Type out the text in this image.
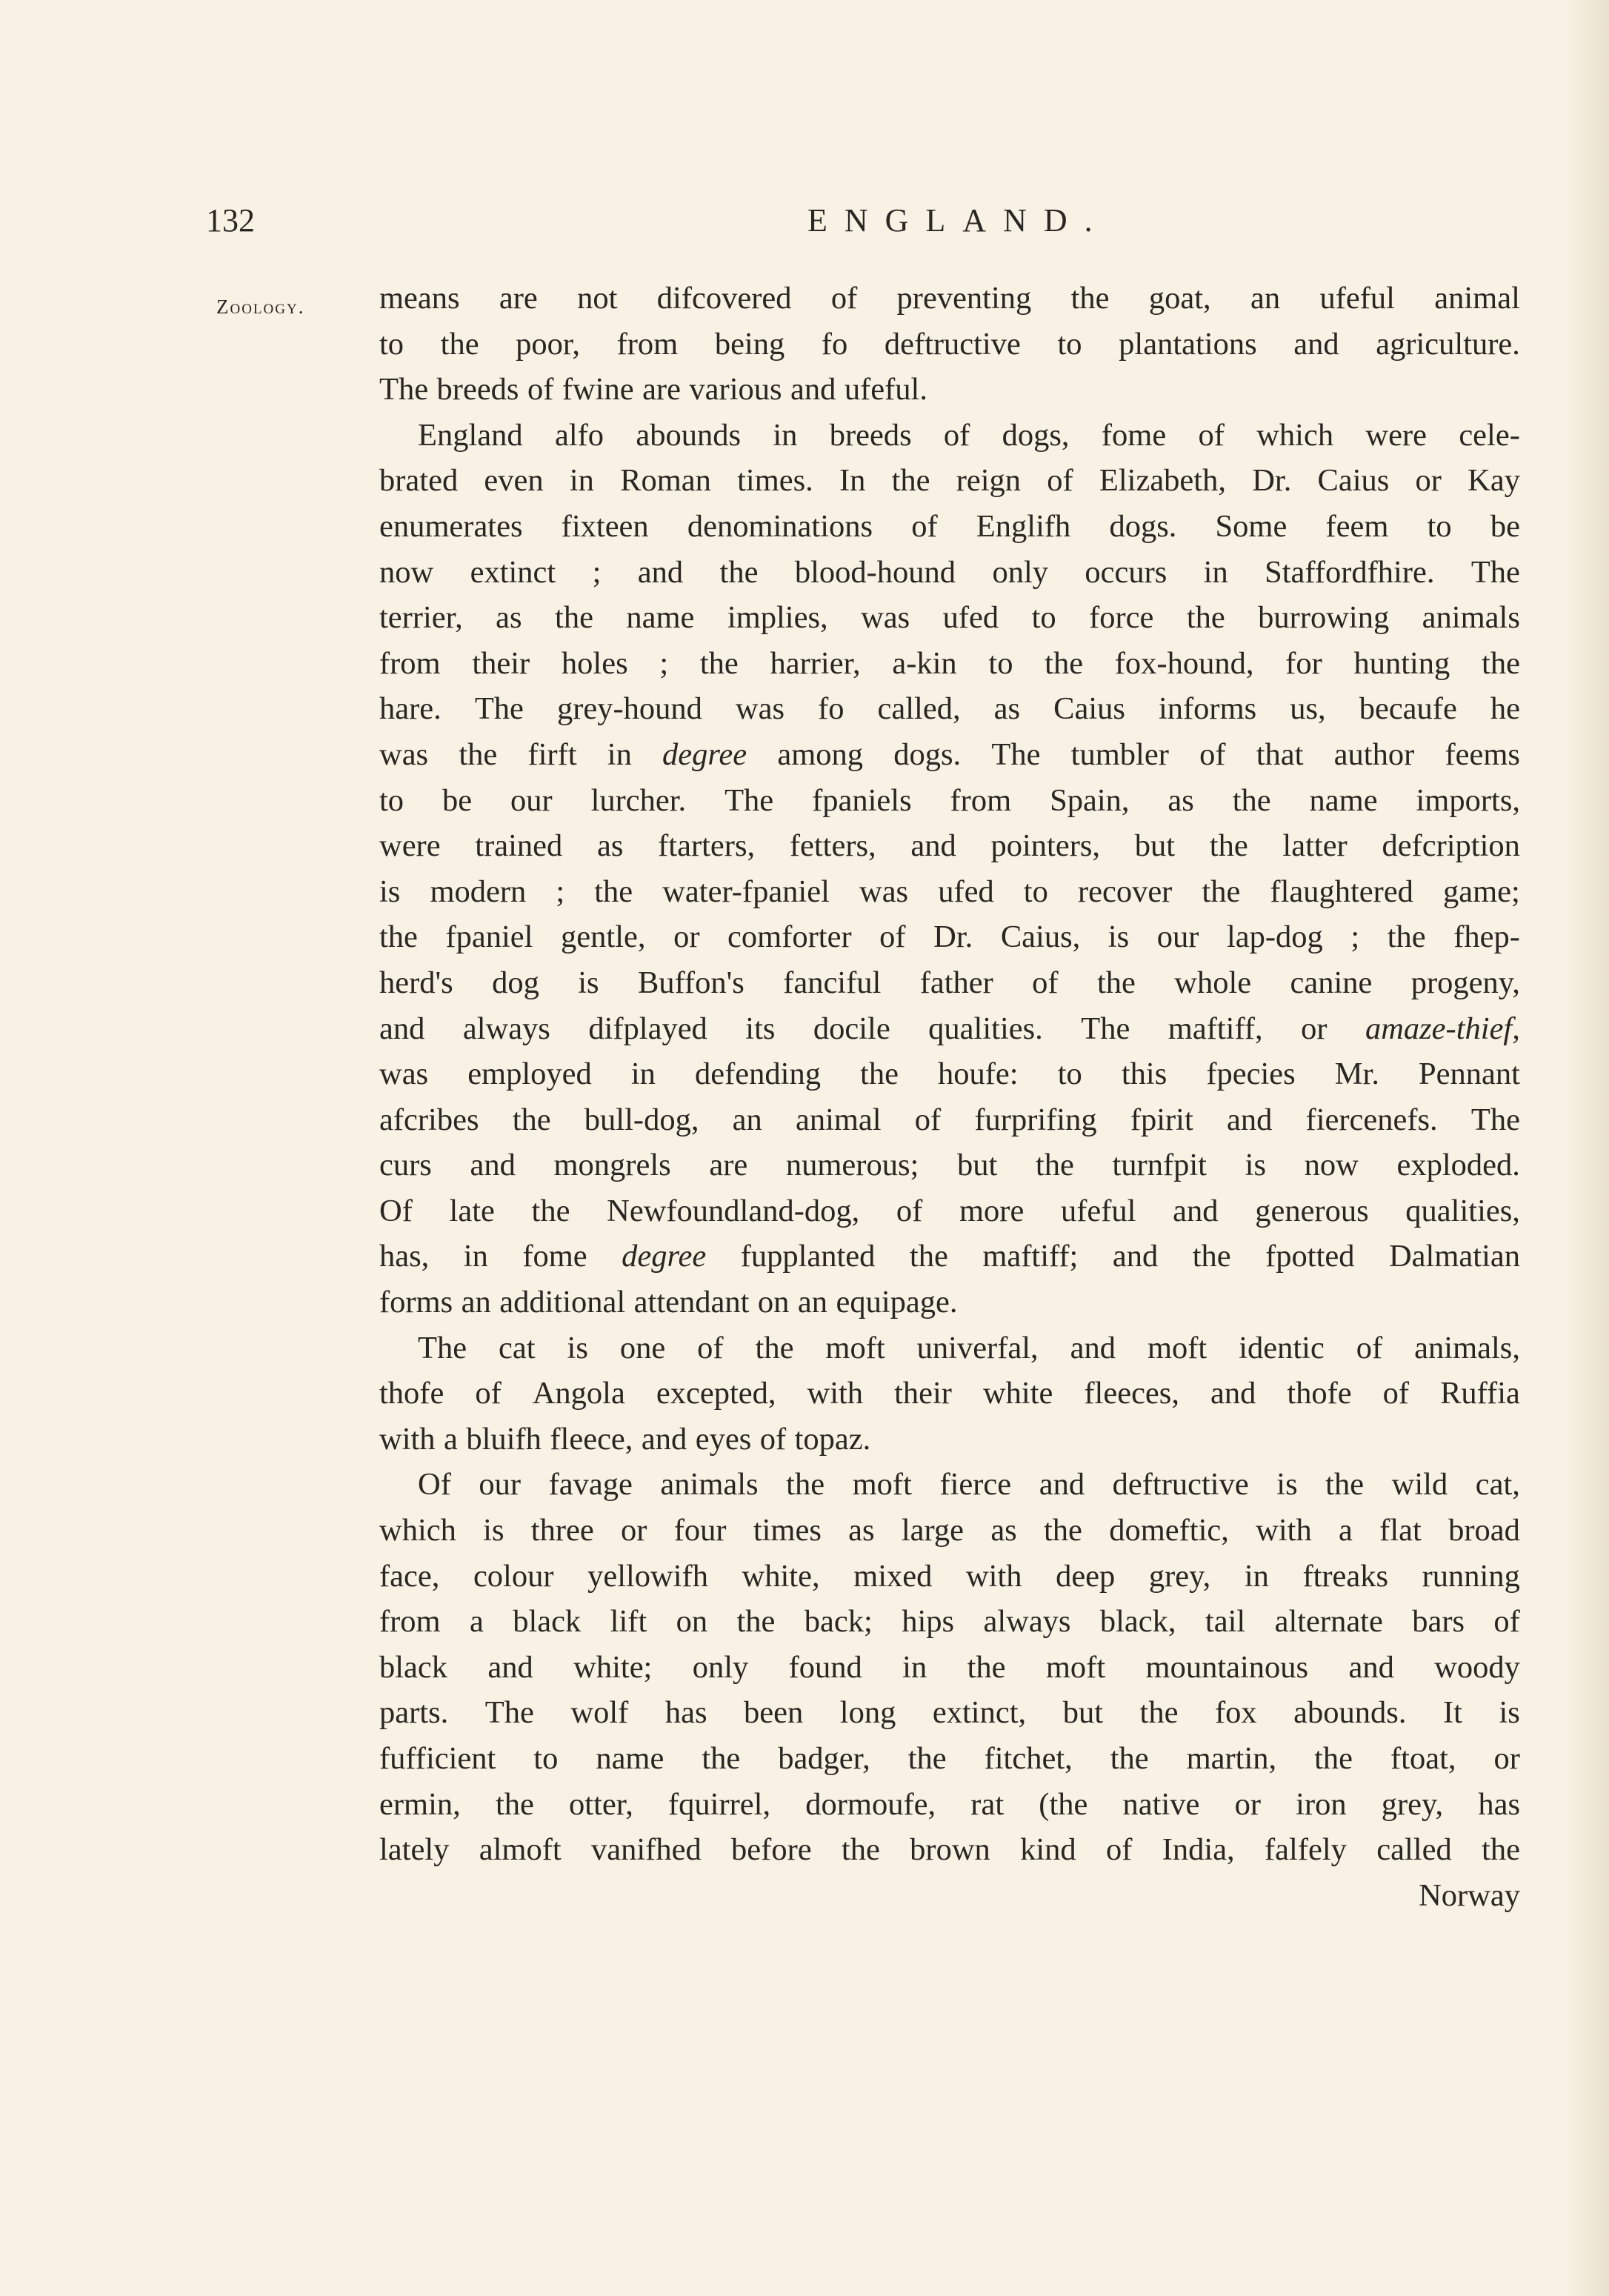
132	ENGLAND.
Zoology. means are not difcovered of preventing the goat, an ufeful animal
to the poor, from being fo deftructive to plantations and agriculture.
The breeds of fwine are various and ufeful.
England alfo abounds in breeds of dogs, fome of which were cele-
brated even in Roman times. In the reign of Elizabeth, Dr. Caius or Kay
enumerates fixteen denominations of Englifh dogs. Some feem to be
now extinct ; and the blood-hound only occurs in Staffordfhire. The
terrier, as the name implies, was ufed to force the burrowing animals
from their holes ; the harrier, a-kin to the fox-hound, for hunting the
hare. The grey-hound was fo called, as Caius informs us, becaufe he
was the firft in degree among dogs. The tumbler of that author feems
to be our lurcher. The fpaniels from Spain, as the name imports,
were trained as ftarters, fetters, and pointers, but the latter defcription
is modern ; the water-fpaniel was ufed to recover the flaughtered game;
the fpaniel gentle, or comforter of Dr. Caius, is our lap-dog ; the fhep-
herd's dog is Buffon's fanciful father of the whole canine progeny,
and always difplayed its docile qualities. The maftiff, or amaze-thief,
was employed in defending the houfe: to this fpecies Mr. Pennant
afcribes the bull-dog, an animal of furprifing fpirit and fiercenefs. The
curs and mongrels are numerous; but the turnfpit is now exploded.
Of late the Newfoundland-dog, of more ufeful and generous qualities,
has, in fome degree fupplanted the maftiff; and the fpotted Dalmatian
forms an additional attendant on an equipage.
The cat is one of the moft univerfal, and moft identic of animals,
thofe of Angola excepted, with their white fleeces, and thofe of Ruffia
with a bluifh fleece, and eyes of topaz.
Of our favage animals the moft fierce and deftructive is the wild cat,
which is three or four times as large as the domeftic, with a flat broad
face, colour yellowifh white, mixed with deep grey, in ftreaks running
from a black lift on the back; hips always black, tail alternate bars of
black and white; only found in the moft mountainous and woody
parts. The wolf has been long extinct, but the fox abounds. It is
fufficient to name the badger, the fitchet, the martin, the ftoat, or
ermin, the otter, fquirrel, dormoufe, rat (the native or iron grey, has
lately almoft vanifhed before the brown kind of India, falfely called the
Norway
